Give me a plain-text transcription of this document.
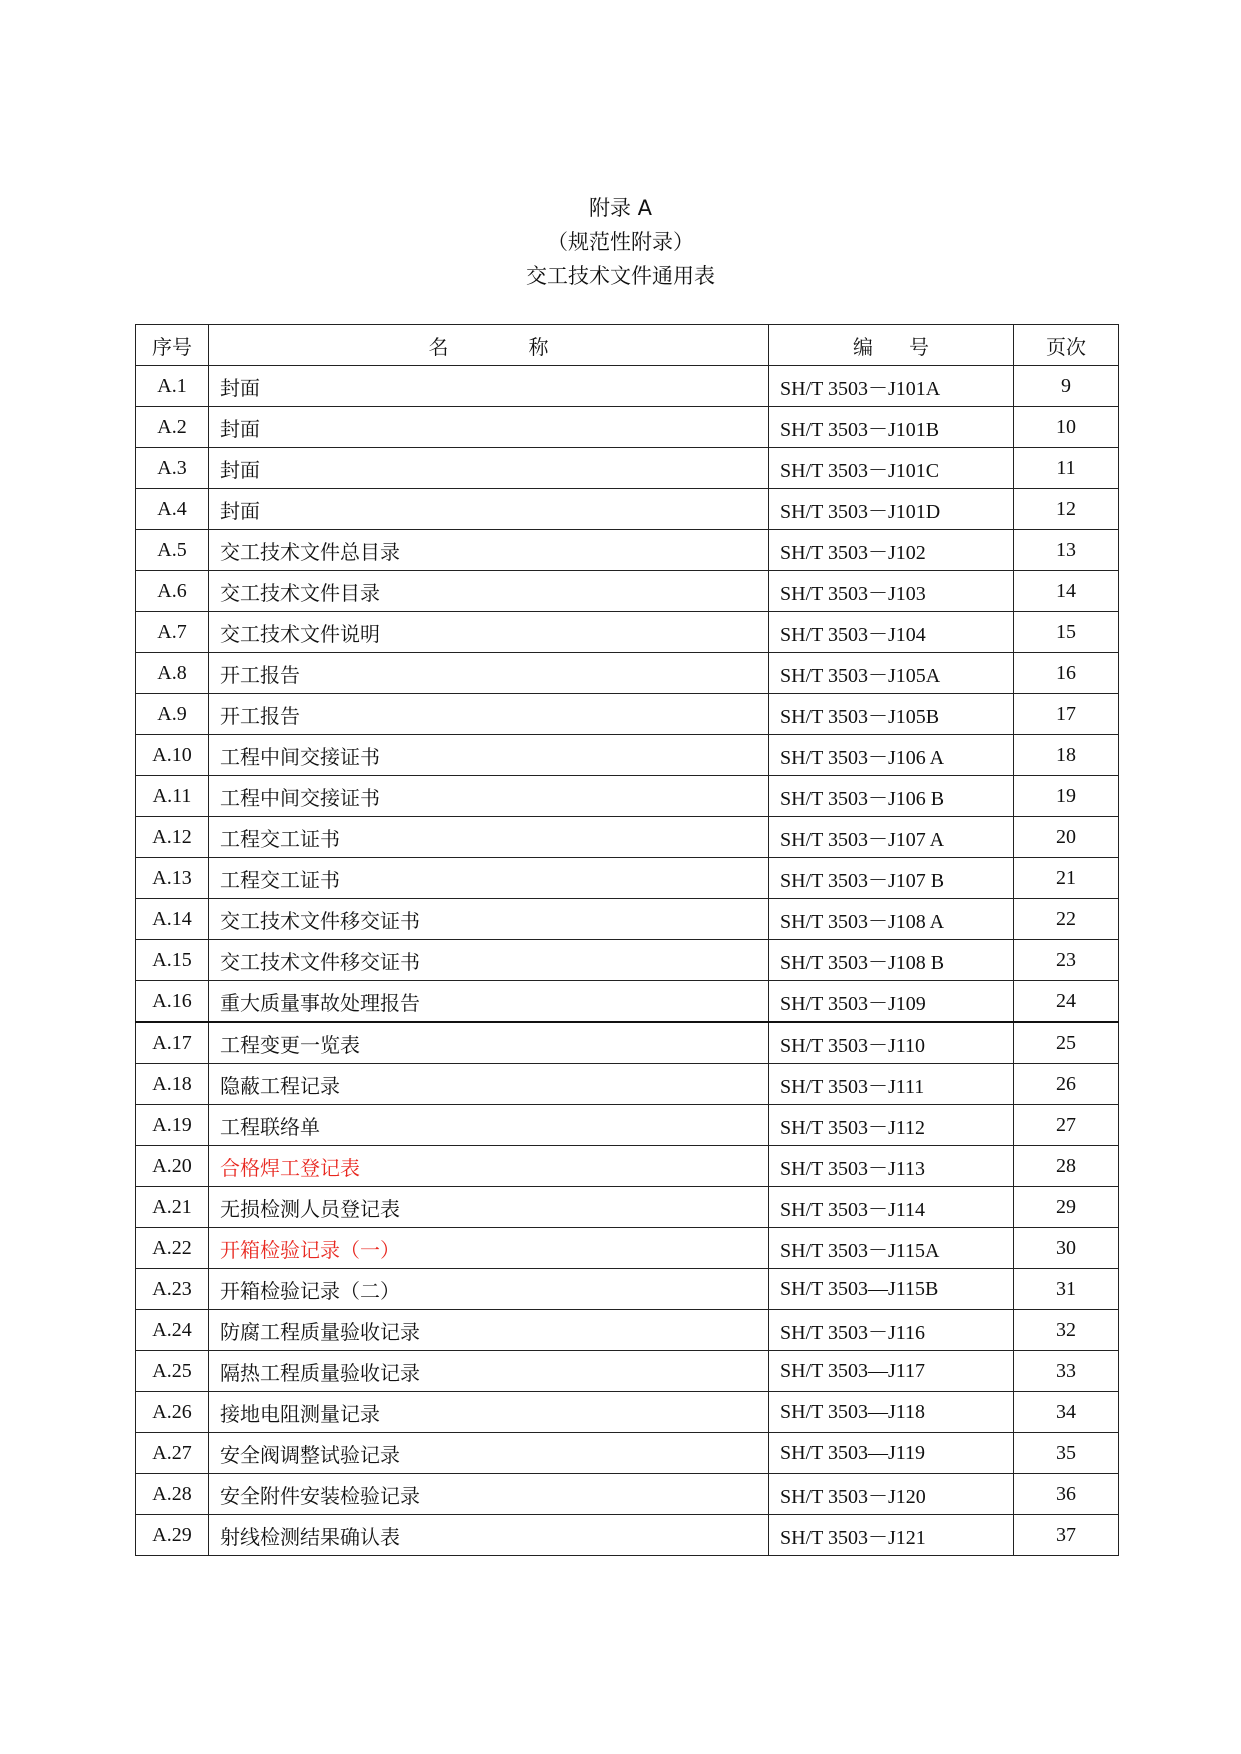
附录 A
（规范性附录）
交工技术文件通用表
序号	名称	编号	页次
A.1	封面	SH/T 3503－J101A	9
A.2	封面	SH/T 3503－J101B	10
A.3	封面	SH/T 3503－J101C	11
A.4	封面	SH/T 3503－J101D	12
A.5	交工技术文件总目录	SH/T 3503－J102	13
A.6	交工技术文件目录	SH/T 3503－J103	14
A.7	交工技术文件说明	SH/T 3503－J104	15
A.8	开工报告	SH/T 3503－J105A	16
A.9	开工报告	SH/T 3503－J105B	17
A.10	工程中间交接证书	SH/T 3503－J106 A	18
A.11	工程中间交接证书	SH/T 3503－J106 B	19
A.12	工程交工证书	SH/T 3503－J107 A	20
A.13	工程交工证书	SH/T 3503－J107 B	21
A.14	交工技术文件移交证书	SH/T 3503－J108 A	22
A.15	交工技术文件移交证书	SH/T 3503－J108 B	23
A.16	重大质量事故处理报告	SH/T 3503－J109	24
A.17	工程变更一览表	SH/T 3503－J110	25
A.18	隐蔽工程记录	SH/T 3503－J111	26
A.19	工程联络单	SH/T 3503－J112	27
A.20	合格焊工登记表	SH/T 3503－J113	28
A.21	无损检测人员登记表	SH/T 3503－J114	29
A.22	开箱检验记录（一）	SH/T 3503－J115A	30
A.23	开箱检验记录（二）	SH/T 3503—J115B	31
A.24	防腐工程质量验收记录	SH/T 3503－J116	32
A.25	隔热工程质量验收记录	SH/T 3503—J117	33
A.26	接地电阻测量记录	SH/T 3503—J118	34
A.27	安全阀调整试验记录	SH/T 3503—J119	35
A.28	安全附件安装检验记录	SH/T 3503－J120	36
A.29	射线检测结果确认表	SH/T 3503－J121	37
